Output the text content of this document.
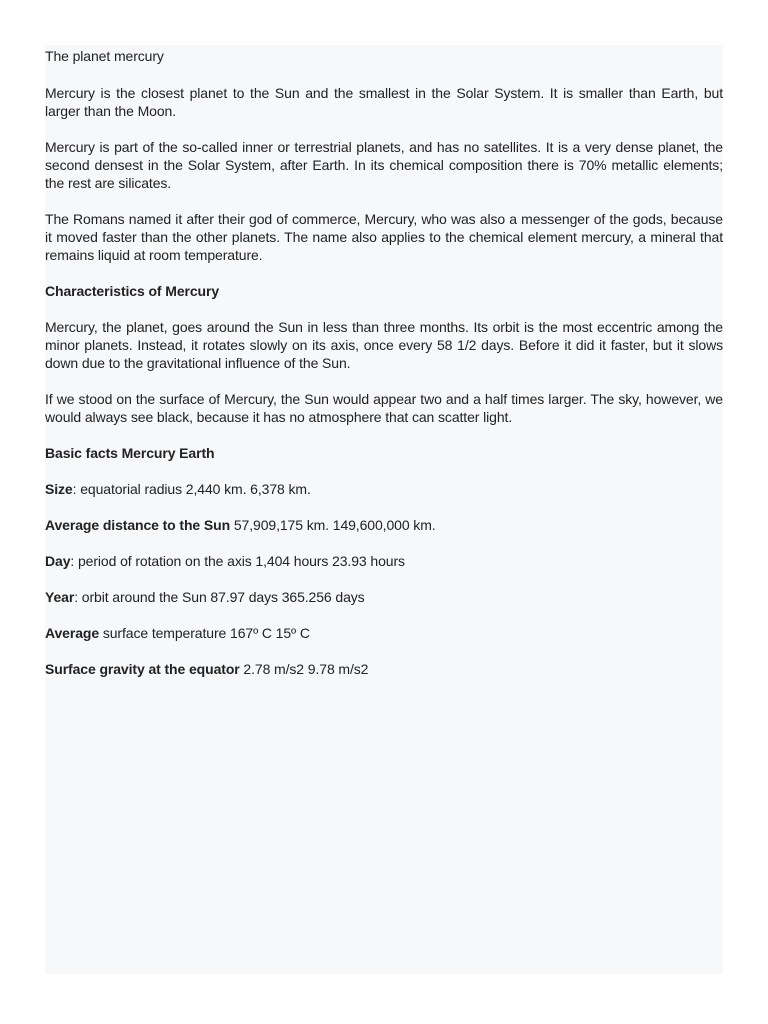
The planet mercury

Mercury is the closest planet to the Sun and the smallest in the Solar System. It is smaller than Earth, but larger than the Moon.

Mercury is part of the so-called inner or terrestrial planets, and has no satellites. It is a very dense planet, the second densest in the Solar System, after Earth. In its chemical composition there is 70% metallic elements; the rest are silicates.

The Romans named it after their god of commerce, Mercury, who was also a messenger of the gods, because it moved faster than the other planets. The name also applies to the chemical element mercury, a mineral that remains liquid at room temperature.

Characteristics of Mercury

Mercury, the planet, goes around the Sun in less than three months. Its orbit is the most eccentric among the minor planets. Instead, it rotates slowly on its axis, once every 58 1/2 days. Before it did it faster, but it slows down due to the gravitational influence of the Sun.

If we stood on the surface of Mercury, the Sun would appear two and a half times larger. The sky, however, we would always see black, because it has no atmosphere that can scatter light.

Basic facts Mercury Earth

Size: equatorial radius 2,440 km. 6,378 km.

Average distance to the Sun 57,909,175 km. 149,600,000 km.

Day: period of rotation on the axis 1,404 hours 23.93 hours

Year: orbit around the Sun 87.97 days 365.256 days

Average surface temperature 167º C 15º C

Surface gravity at the equator 2.78 m/s2 9.78 m/s2
